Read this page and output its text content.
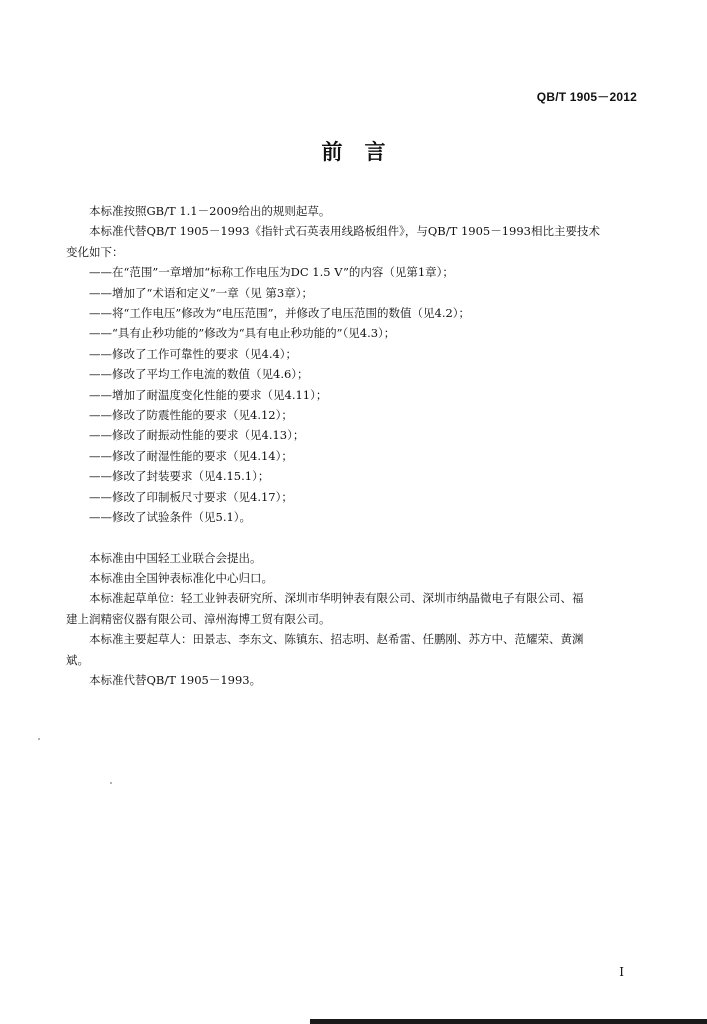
QB/T 1905－2012
前言

本标准按照GB/T 1.1－2009给出的规则起草。

本标准代替QB/T 1905－1993《指针式石英表用线路板组件》，与QB/T 1905－1993相比主要技术

变化如下：

——在“范围”一章增加“标称工作电压为DC 1.5 V”的内容（见第1章）；

——增加了“术语和定义”一章（见 第3章）；

——将“工作电压”修改为“电压范围”，并修改了电压范围的数值（见4.2）；

——“具有止秒功能的”修改为“具有电止秒功能的”（见4.3）；

——修改了工作可靠性的要求（见4.4）；

——修改了平均工作电流的数值（见4.6）；

——增加了耐温度变化性能的要求（见4.11）；

——修改了防震性能的要求（见4.12）；

——修改了耐振动性能的要求（见4.13）；

——修改了耐湿性能的要求（见4.14）；

——修改了封装要求（见4.15.1）；

——修改了印制板尺寸要求（见4.17）；

——修改了试验条件（见5.1）。

本标准由中国轻工业联合会提出。

本标准由全国钟表标准化中心归口。

本标准起草单位：轻工业钟表研究所、深圳市华明钟表有限公司、深圳市纳晶微电子有限公司、福

建上润精密仪器有限公司、漳州海博工贸有限公司。

本标准主要起草人：田景志、李东文、陈镇东、招志明、赵希雷、任鹏刚、苏方中、范耀荣、黄渊

斌。

本标准代替QB/T 1905－1993。

I
